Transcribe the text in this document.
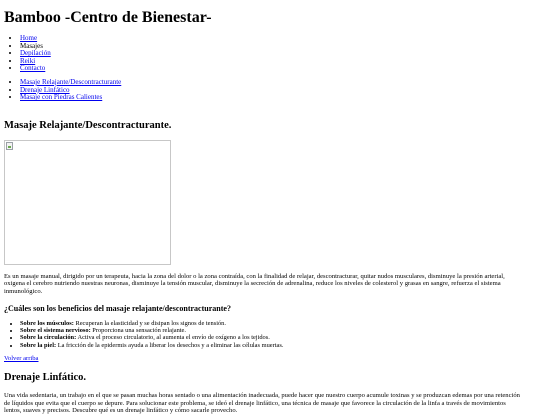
Bamboo -Centro de Bienestar-
• Home
• Masajes
• Depilación
• Reiki
• Contacto
• Masaje Relajante/Descontracturante
• Drenaje Linfático
• Masaje con Piedras Calientes
Masaje Relajante/Descontracturante.

Es un masaje manual, dirigido por un terapeuta, hacia la zona del dolor o la zona contraída, con la finalidad de relajar, descontracturar, quitar nudos musculares, disminuye la presión arterial, oxigena el cerebro nutriendo nuestras neuronas, disminuye la tensión muscular, disminuye la secreción de adrenalina, reduce los niveles de colesterol y grasas en sangre, refuerza el sistema inmunológico.

¿Cuáles son los beneficios del masaje relajante/descontracturante?
• Sobre los músculos: Recuperan la elasticidad y se disipan los signos de tensión.
• Sobre el sistema nervioso: Proporciona una sensación relajante.
• Sobre la circulación: Activa el proceso circulatorio, al aumenta el envío de oxígeno a los tejidos.
• Sobre la piel: La fricción de la epidermis ayuda a liberar los desechos y a eliminar las células muertas.
Volver arriba
Drenaje Linfático.

Una vida sedentaria, un trabajo en el que se pasan muchas horas sentado o una alimentación inadecuada, puede hacer que nuestro cuerpo acumule toxinas y se produzcan edemas por una retención de líquidos que evita que el cuerpo se depure. Para solucionar este problema, se ideó el drenaje linfático, una técnica de masaje que favorece la circulación de la linfa a través de movimientos lentos, suaves y precisos. Descubre qué es un drenaje linfático y cómo sacarle provecho.
